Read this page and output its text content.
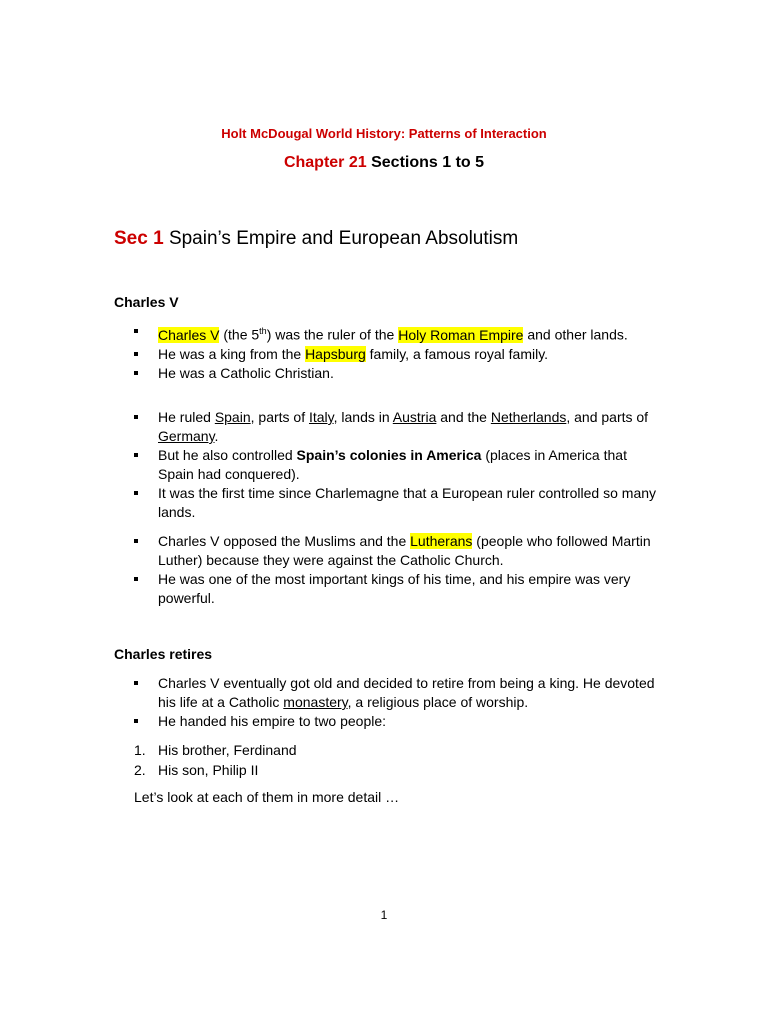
Holt McDougal World History: Patterns of Interaction
Chapter 21 Sections 1 to 5
Sec 1 Spain’s Empire and European Absolutism
Charles V
Charles V (the 5th) was the ruler of the Holy Roman Empire and other lands.
He was a king from the Hapsburg family, a famous royal family.
He was a Catholic Christian.
He ruled Spain, parts of Italy, lands in Austria and the Netherlands, and parts of Germany.
But he also controlled Spain’s colonies in America (places in America that Spain had conquered).
It was the first time since Charlemagne that a European ruler controlled so many lands.
Charles V opposed the Muslims and the Lutherans (people who followed Martin Luther) because they were against the Catholic Church.
He was one of the most important kings of his time, and his empire was very powerful.
Charles retires
Charles V eventually got old and decided to retire from being a king. He devoted his life at a Catholic monastery, a religious place of worship.
He handed his empire to two people:
1. His brother, Ferdinand
2. His son, Philip II
Let’s look at each of them in more detail …
1
